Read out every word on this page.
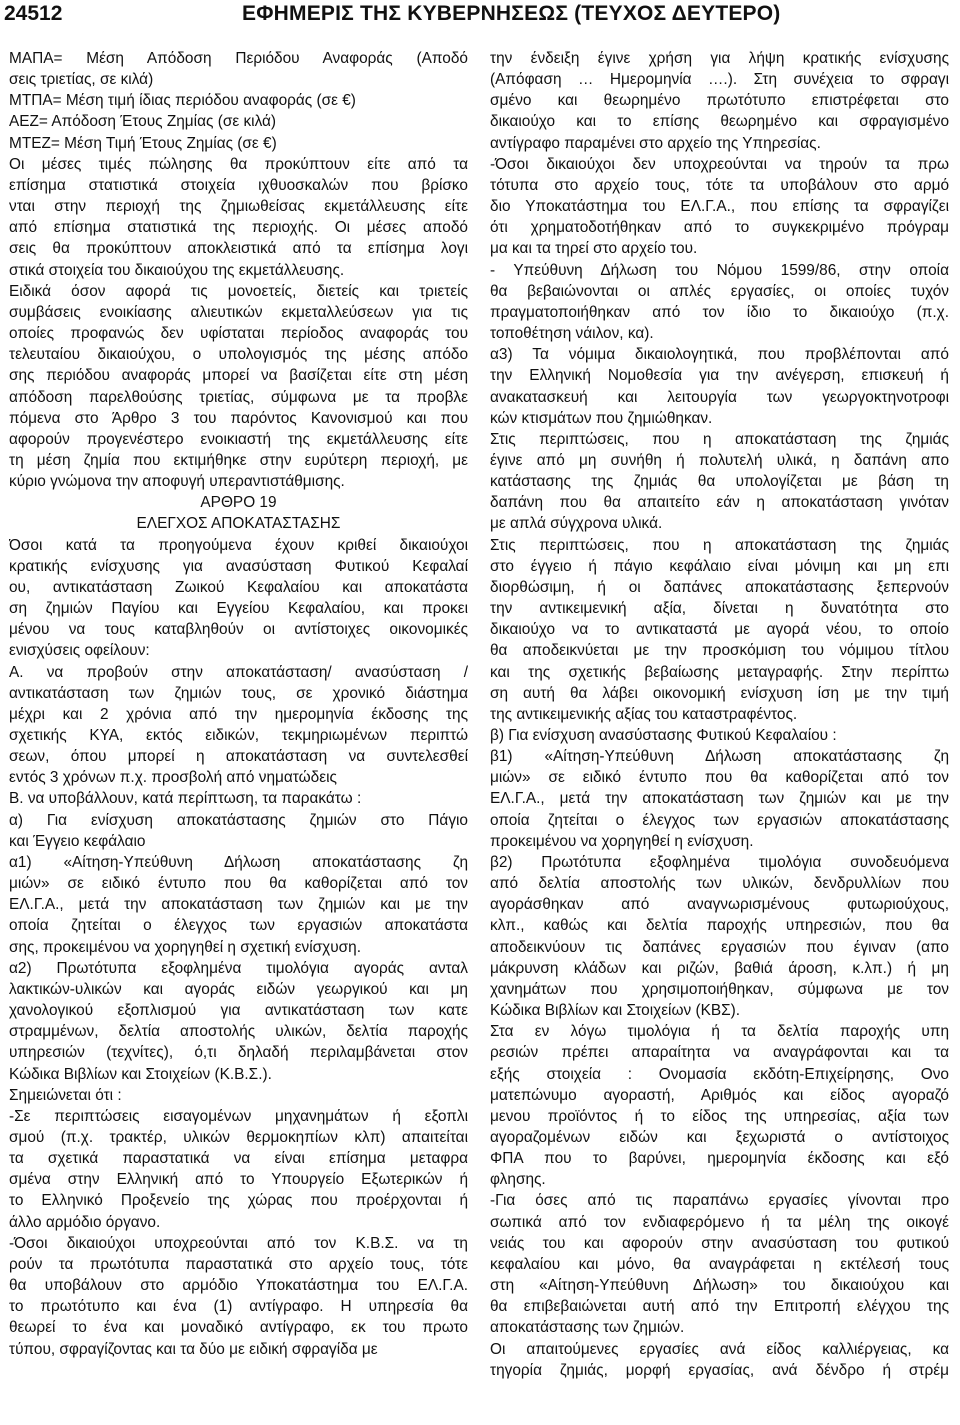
24512	ΕΦΗΜΕΡΙΣ ΤΗΣ ΚΥΒΕΡΝΗΣΕΩΣ (ΤΕΥΧΟΣ ΔΕΥΤΕΡΟ)
ΜΑΠΑ= Μέση Απόδοση Περιόδου Αναφοράς (Αποδό
σεις τριετίας, σε κιλά)
ΜΤΠΑ= Μέση τιμή ίδιας περιόδου αναφοράς (σε €)
ΑΕΖ= Απόδοση Έτους Ζημίας (σε κιλά)
ΜΤΕΖ= Μέση Τιμή Έτους Ζημίας (σε €)
Οι μέσες τιμές πώλησης θα προκύπτουν είτε από τα
επίσημα στατιστικά στοιχεία ιχθυοσκαλών που βρίσκο
νται στην περιοχή της ζημιωθείσας εκμετάλλευσης είτε
από επίσημα στατιστικά της περιοχής. Οι μέσες αποδό
σεις θα προκύπτουν αποκλειστικά από τα επίσημα λογι
στικά στοιχεία του δικαιούχου της εκμετάλλευσης.
Ειδικά όσον αφορά τις μονοετείς, διετείς και τριετείς
συμβάσεις ενοικίασης αλιευτικών εκμεταλλεύσεων για τις
οποίες προφανώς δεν υφίσταται περίοδος αναφοράς του
τελευταίου δικαιούχου, ο υπολογισμός της μέσης απόδο
σης περιόδου αναφοράς μπορεί να βασίζεται είτε στη μέση
απόδοση παρελθούσης τριετίας, σύμφωνα με τα προβλε
πόμενα στο Άρθρο 3 του παρόντος Κανονισμού και που
αφορούν προγενέστερο ενοικιαστή της εκμετάλλευσης είτε
τη μέση ζημία που εκτιμήθηκε στην ευρύτερη περιοχή, με
κύριο γνώμονα την αποφυγή υπεραντιστάθμισης.
ΑΡΘΡΟ 19
ΕΛΕΓΧΟΣ ΑΠΟΚΑΤΑΣΤΑΣΗΣ
Όσοι κατά τα προηγούμενα έχουν κριθεί δικαιούχοι
κρατικής ενίσχυσης για ανασύσταση Φυτικού Κεφαλαί
ου, αντικατάσταση Ζωικού Κεφαλαίου και αποκατάστα
ση ζημιών Παγίου και Εγγείου Κεφαλαίου, και προκει
μένου να τους καταβληθούν οι αντίστοιχες οικονομικές
ενισχύσεις οφείλουν:
Α. να προβούν στην αποκατάσταση/ ανασύσταση /
αντικατάσταση των ζημιών τους, σε χρονικό διάστημα
μέχρι και 2 χρόνια από την ημερομηνία έκδοσης της
σχετικής ΚΥΑ, εκτός ειδικών, τεκμηριωμένων περιπτώ
σεων, όπου μπορεί η αποκατάσταση να συντελεσθεί
εντός 3 χρόνων π.χ. προσβολή από νηματώδεις
Β. να υποβάλλουν, κατά περίπτωση, τα παρακάτω :
α) Για ενίσχυση αποκατάστασης ζημιών στο Πάγιο
και Έγγειο κεφάλαιο
α1) «Αίτηση-Υπεύθυνη Δήλωση αποκατάστασης ζη
μιών» σε ειδικό έντυπο που θα καθορίζεται από τον
ΕΛ.Γ.Α., μετά την αποκατάσταση των ζημιών και με την
οποία ζητείται ο έλεγχος των εργασιών αποκατάστα
σης, προκειμένου να χορηγηθεί η σχετική ενίσχυση.
α2) Πρωτότυπα εξοφλημένα τιμολόγια αγοράς ανταλ
λακτικών-υλικών και αγοράς ειδών γεωργικού και μη
χανολογικού εξοπλισμού για αντικατάσταση των κατε
στραμμένων, δελτία αποστολής υλικών, δελτία παροχής
υπηρεσιών (τεχνίτες), ό,τι δηλαδή περιλαμβάνεται στον
Κώδικα Βιβλίων και Στοιχείων (Κ.Β.Σ.).
Σημειώνεται ότι :
-Σε περιπτώσεις εισαγομένων μηχανημάτων ή εξοπλι
σμού (π.χ. τρακτέρ, υλικών θερμοκηπίων κλπ) απαιτείται
τα σχετικά παραστατικά να είναι επίσημα μεταφρα
σμένα στην Ελληνική από το Υπουργείο Εξωτερικών ή
το Ελληνικό Προξενείο της χώρας που προέρχονται ή
άλλο αρμόδιο όργανο.
-Όσοι δικαιούχοι υποχρεούνται από τον Κ.Β.Σ. να τη
ρούν τα πρωτότυπα παραστατικά στο αρχείο τους, τότε
θα υποβάλουν στο αρμόδιο Υποκατάστημα του ΕΛ.Γ.Α.
το πρωτότυπο και ένα (1) αντίγραφο. Η υπηρεσία θα
θεωρεί το ένα και μοναδικό αντίγραφο, εκ του πρωτο
τύπου, σφραγίζοντας και τα δύο με ειδική σφραγίδα με
την ένδειξη έγινε χρήση για λήψη κρατικής ενίσχυσης
(Απόφαση … Ημερομηνία ….). Στη συνέχεια το σφραγι
σμένο και θεωρημένο πρωτότυπο επιστρέφεται στο
δικαιούχο και το επίσης θεωρημένο και σφραγισμένο
αντίγραφο παραμένει στο αρχείο της Υπηρεσίας.
-Όσοι δικαιούχοι δεν υποχρεούνται να τηρούν τα πρω
τότυπα στο αρχείο τους, τότε τα υποβάλουν στο αρμό
διο Υποκατάστημα του ΕΛ.Γ.Α., που επίσης τα σφραγίζει
ότι χρηματοδοτήθηκαν από το συγκεκριμένο πρόγραμ
μα και τα τηρεί στο αρχείο του.
- Υπεύθυνη Δήλωση του Νόμου 1599/86, στην οποία
θα βεβαιώνονται οι απλές εργασίες, οι οποίες τυχόν
πραγματοποιήθηκαν από τον ίδιο το δικαιούχο (π.χ.
τοποθέτηση νάιλον, κα).
α3) Τα νόμιμα δικαιολογητικά, που προβλέπονται από
την Ελληνική Νομοθεσία για την ανέγερση, επισκευή ή
ανακατασκευή και λειτουργία των γεωργοκτηνοτροφι
κών κτισμάτων που ζημιώθηκαν.
Στις περιπτώσεις, που η αποκατάσταση της ζημιάς
έγινε από μη συνήθη ή πολυτελή υλικά, η δαπάνη απο
κατάστασης της ζημιάς θα υπολογίζεται με βάση τη
δαπάνη που θα απαιτείτο εάν η αποκατάσταση γινόταν
με απλά σύγχρονα υλικά.
Στις περιπτώσεις, που η αποκατάσταση της ζημιάς
στο έγγειο ή πάγιο κεφάλαιο είναι μόνιμη και μη επι
διορθώσιμη, ή οι δαπάνες αποκατάστασης ξεπερνούν
την αντικειμενική αξία, δίνεται η δυνατότητα στο
δικαιούχο να το αντικαταστά με αγορά νέου, το οποίο
θα αποδεικνύεται με την προσκόμιση του νόμιμου τίτλου
και της σχετικής βεβαίωσης μεταγραφής. Στην περίπτω
ση αυτή θα λάβει οικονομική ενίσχυση ίση με την τιμή
της αντικειμενικής αξίας του καταστραφέντος.
β) Για ενίσχυση ανασύστασης Φυτικού Κεφαλαίου :
β1) «Αίτηση-Υπεύθυνη Δήλωση αποκατάστασης ζη
μιών» σε ειδικό έντυπο που θα καθορίζεται από τον
ΕΛ.Γ.Α., μετά την αποκατάσταση των ζημιών και με την
οποία ζητείται ο έλεγχος των εργασιών αποκατάστασης
προκειμένου να χορηγηθεί η ενίσχυση.
β2) Πρωτότυπα εξοφλημένα τιμολόγια συνοδευόμενα
από δελτία αποστολής των υλικών, δενδρυλλίων που
αγοράσθηκαν από αναγνωρισμένους φυτωριούχους,
κλπ., καθώς και δελτία παροχής υπηρεσιών, που θα
αποδεικνύουν τις δαπάνες εργασιών που έγιναν (απο
μάκρυνση κλάδων και ριζών, βαθιά άροση, κ.λπ.) ή μη
χανημάτων που χρησιμοποιήθηκαν, σύμφωνα με τον
Κώδικα Βιβλίων και Στοιχείων (ΚΒΣ).
Στα εν λόγω τιμολόγια ή τα δελτία παροχής υπη
ρεσιών πρέπει απαραίτητα να αναγράφονται και τα
εξής στοιχεία : Ονομασία εκδότη-Επιχείρησης, Ονο
ματεπώνυμο αγοραστή, Αριθμός και είδος αγοραζό
μενου προϊόντος ή το είδος της υπηρεσίας, αξία των
αγοραζομένων ειδών και ξεχωριστά ο αντίστοιχος
ΦΠΑ που το βαρύνει, ημερομηνία έκδοσης και εξό
φλησης.
-Για όσες από τις παραπάνω εργασίες γίνονται προ
σωπικά από τον ενδιαφερόμενο ή τα μέλη της οικογέ
νειάς του και αφορούν στην ανασύσταση του φυτικού
κεφαλαίου και μόνο, θα αναγράφεται η εκτέλεσή τους
στη «Αίτηση-Υπεύθυνη Δήλωση» του δικαιούχου και
θα επιβεβαιώνεται αυτή από την Επιτροπή ελέγχου της
αποκατάστασης των ζημιών.
Οι απαιτούμενες εργασίες ανά είδος καλλιέργειας, κα
τηγορία ζημιάς, μορφή εργασίας, ανά δένδρο ή στρέμ
